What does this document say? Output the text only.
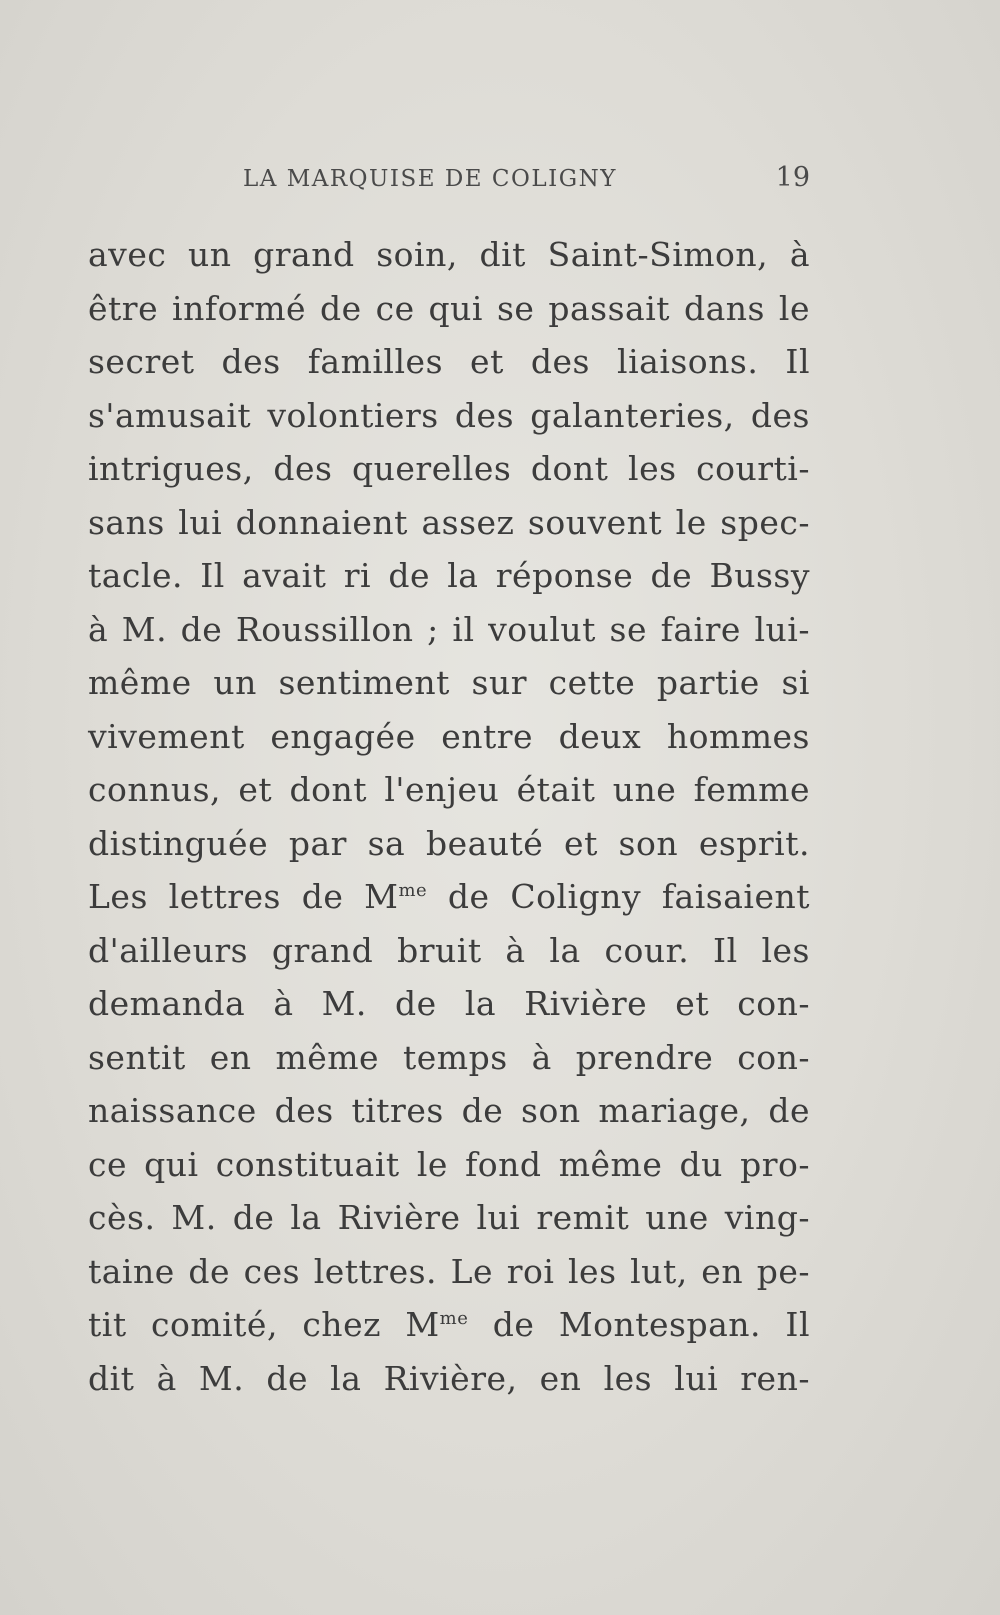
LA MARQUISE DE COLIGNY	19
avec un grand soin, dit Saint-Simon, à
être informé de ce qui se passait dans le
secret des familles et des liaisons. Il
s'amusait volontiers des galanteries, des
intrigues, des querelles dont les courti-
sans lui donnaient assez souvent le spec-
tacle. Il avait ri de la réponse de Bussy
à M. de Roussillon ; il voulut se faire lui-
même un sentiment sur cette partie si
vivement engagée entre deux hommes
connus, et dont l'enjeu était une femme
distinguée par sa beauté et son esprit.
Les lettres de $M^{me}$ de Coligny faisaient
d'ailleurs grand bruit à la cour. Il les
demanda à M. de la Rivière et con-
sentit en même temps à prendre con-
naissance des titres de son mariage, de
ce qui constituait le fond même du pro-
cès. M. de la Rivière lui remit une ving-
taine de ces lettres. Le roi les lut, en pe-
tit comité, chez $M^{me}$ de Montespan. Il
dit à M. de la Rivière, en les lui ren-
